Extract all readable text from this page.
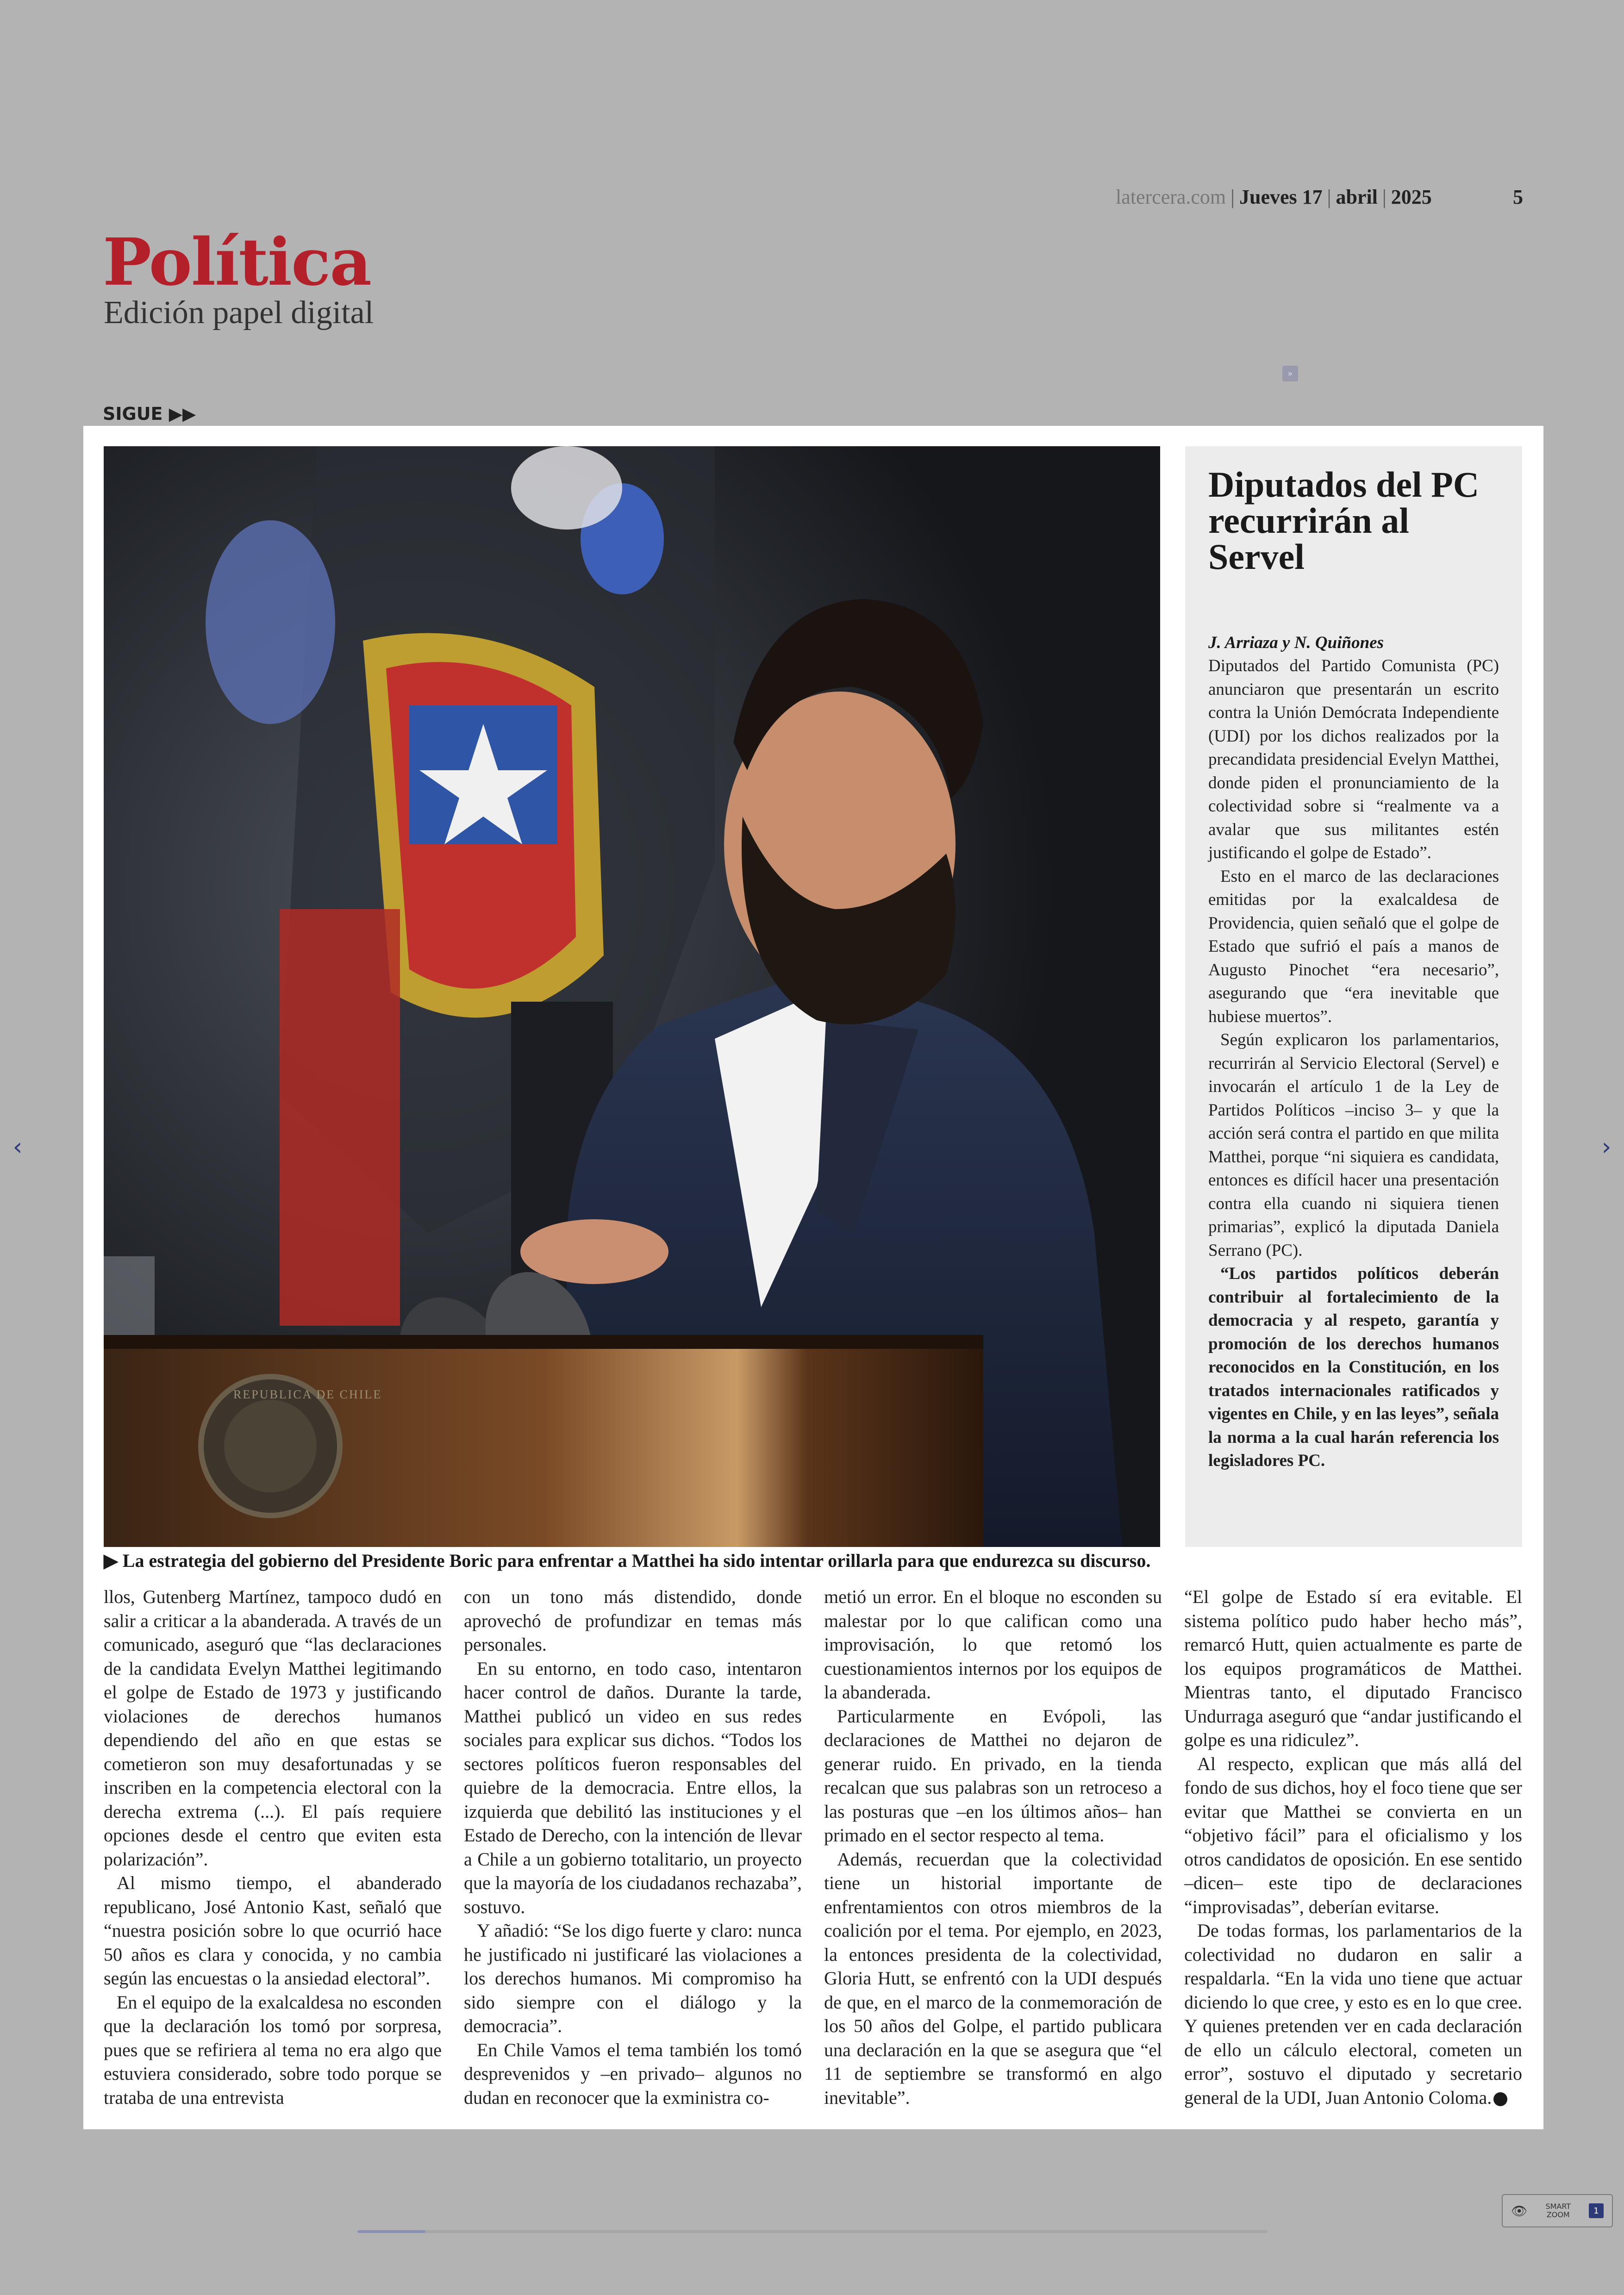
latercera.com | Jueves 17 | abril | 2025	5
Política
Edición papel digital
»
SIGUE ▶▶
REPUBLICA DE CHILE
Diputados del PC recurrirán al Servel
J. Arriaza y N. Quiñones

Diputados del Partido Comunista (PC) anunciaron que presentarán un escrito contra la Unión Demócrata Independiente (UDI) por los dichos realizados por la precandidata presidencial Evelyn Matthei, donde piden el pronunciamiento de la colectividad sobre si “realmente va a avalar que sus militantes estén justificando el golpe de Estado”.

Esto en el marco de las declaraciones emitidas por la exalcaldesa de Providencia, quien señaló que el golpe de Estado que sufrió el país a manos de Augusto Pinochet “era necesario”, asegurando que “era inevitable que hubiese muertos”.

Según explicaron los parlamentarios, recurrirán al Servicio Electoral (Servel) e invocarán el artículo 1 de la Ley de Partidos Políticos –inciso 3– y que la acción será contra el partido en que milita Matthei, porque “ni siquiera es candidata, entonces es difícil hacer una presentación contra ella cuando ni siquiera tienen primarias”, explicó la diputada Daniela Serrano (PC).

“Los partidos políticos deberán contribuir al fortalecimiento de la democracia y al respeto, garantía y promoción de los derechos humanos reconocidos en la Constitución, en los tratados internacionales ratificados y vigentes en Chile, y en las leyes”, señala la norma a la cual harán referencia los legisladores PC.

▶ La estrategia del gobierno del Presidente Boric para enfrentar a Matthei ha sido intentar orillarla para que endurezca su discurso.

llos, Gutenberg Martínez, tampoco dudó en salir a criticar a la abanderada. A través de un comunicado, aseguró que “las declaraciones de la candidata Evelyn Matthei legitimando el golpe de Estado de 1973 y justificando violaciones de derechos humanos dependiendo del año en que estas se cometieron son muy desafortunadas y se inscriben en la competencia electoral con la derecha extrema (...). El país requiere opciones desde el centro que eviten esta polarización”.

Al mismo tiempo, el abanderado republicano, José Antonio Kast, señaló que “nuestra posición sobre lo que ocurrió hace 50 años es clara y conocida, y no cambia según las encuestas o la ansiedad electoral”.

En el equipo de la exalcaldesa no esconden que la declaración los tomó por sorpresa, pues que se refiriera al tema no era algo que estuviera considerado, sobre todo porque se trataba de una entrevista

con un tono más distendido, donde aprovechó de profundizar en temas más personales.

En su entorno, en todo caso, intentaron hacer control de daños. Durante la tarde, Matthei publicó un video en sus redes sociales para explicar sus dichos. “Todos los sectores políticos fueron responsables del quiebre de la democracia. Entre ellos, la izquierda que debilitó las instituciones y el Estado de Derecho, con la intención de llevar a Chile a un gobierno totalitario, un proyecto que la mayoría de los ciudadanos rechazaba”, sostuvo.

Y añadió: “Se los digo fuerte y claro: nunca he justificado ni justificaré las violaciones a los derechos humanos. Mi compromiso ha sido siempre con el diálogo y la democracia”.

En Chile Vamos el tema también los tomó desprevenidos y –en privado– algunos no dudan en reconocer que la exministra co-

metió un error. En el bloque no esconden su malestar por lo que califican como una improvisación, lo que retomó los cuestionamientos internos por los equipos de la abanderada.

Particularmente en Evópoli, las declaraciones de Matthei no dejaron de generar ruido. En privado, en la tienda recalcan que sus palabras son un retroceso a las posturas que –en los últimos años– han primado en el sector respecto al tema.

Además, recuerdan que la colectividad tiene un historial importante de enfrentamientos con otros miembros de la coalición por el tema. Por ejemplo, en 2023, la entonces presidenta de la colectividad, Gloria Hutt, se enfrentó con la UDI después de que, en el marco de la conmemoración de los 50 años del Golpe, el partido publicara una declaración en la que se asegura que “el 11 de septiembre se transformó en algo inevitable”.

“El golpe de Estado sí era evitable. El sistema político pudo haber hecho más”, remarcó Hutt, quien actualmente es parte de los equipos programáticos de Matthei. Mientras tanto, el diputado Francisco Undurraga aseguró que “andar justificando el golpe es una ridiculez”.

Al respecto, explican que más allá del fondo de sus dichos, hoy el foco tiene que ser evitar que Matthei se convierta en un “objetivo fácil” para el oficialismo y los otros candidatos de oposición. En ese sentido –dicen– este tipo de declaraciones “improvisadas”, deberían evitarse.

De todas formas, los parlamentarios de la colectividad no dudaron en salir a respaldarla. “En la vida uno tiene que actuar diciendo lo que cree, y esto es en lo que cree. Y quienes pretenden ver en cada declaración de ello un cálculo electoral, cometen un error”, sostuvo el diputado y secretario general de la UDI, Juan Antonio Coloma.

‹	›
👁	SMART
ZOOM	1
